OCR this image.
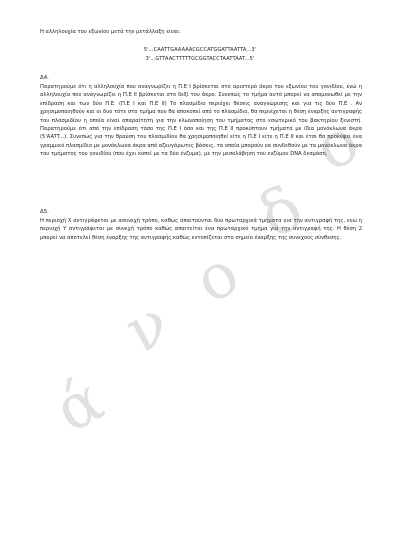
Η αλληλουχία του εξωνίου μετά την μετάλλαξη είναι:

5'...CAATTGAAAAACGCCATGGATTAATTA...3'

3'...GTTAACTTTTTGCGGTACCTAATTAAT...5'

Δ4.

Παρατηρούμε ότι η αλληλουχία που αναγνωρίζει η Π.Ε I βρίσκεται στο αριστερό άκρο του εξωνίου του γονιδίου, ενώ η αλληλουχία που αναγνωρίζει η Π.Ε II βρίσκεται στο δεξί του άκρο. Συνεπώς το τμήμα αυτό μπορεί να απομονωθεί με την επίδραση και των δύο Π.Ε. (Π.Ε I και Π.Ε II) Το πλασμίδιο περιέχει θέσεις αναγνώρισης και για τις δύο Π.Ε . Αν χρησιμοποιηθούν και οι δυο τότε στο τμήμα που θα αποκοπεί από το πλασμίδιο, θα περιέχεται η θέση έναρξης αντιγραφής του πλασμιδίου η οποία είναι απαραίτητη για την κλωνοποίηση του τμήματος στο εσωτερικό του βακτηρίου ξενιστή. Παρατηρούμε ότι από την επίδραση τόσο της Π.Ε I όσο και της Π.Ε II προκύπτουν τμήματα με ίδια μονόκλωνα άκρα (5'AATT...). Συνεπώς για την θραύση του πλασμιδίου θα χρησιμοποιηθεί είτε η Π.Ε I είτε η Π.Ε II και έτσι θα προκύψει ένα γραμμικό πλασμίδιο με μονόκλωνα άκρα από αζευγάρωτες βάσεις, τα οποία μπορούν να συνδεθούν με τα μονόκλωνα άκρα του τμήματος του γονιδίου (που έχει κοπεί με τα δύο ένζυμα), με την μεσολάβηση του ενζύμου DNA δεσμάση.

Δ5.

Η περιοχή Χ αντιγράφεται με ασυνεχή τρόπο, καθώς απαιτούνται δύο πρωταρχικά τμήματα για την αντιγραφή της, ενώ η περιοχή Υ αντιγράφεται με συνεχή τρόπο καθώς απαιτείται ένα πρωταρχικό τμήμα για την αντιγραφή της. Η θέση 2 μπορεί να αποτελεί θέση έναρξης της αντιγραφής καθώς εντοπίζεται στο σημείο έναρξης της συνεχούς σύνθεσης.

ά
ν
ο
δ
ο
